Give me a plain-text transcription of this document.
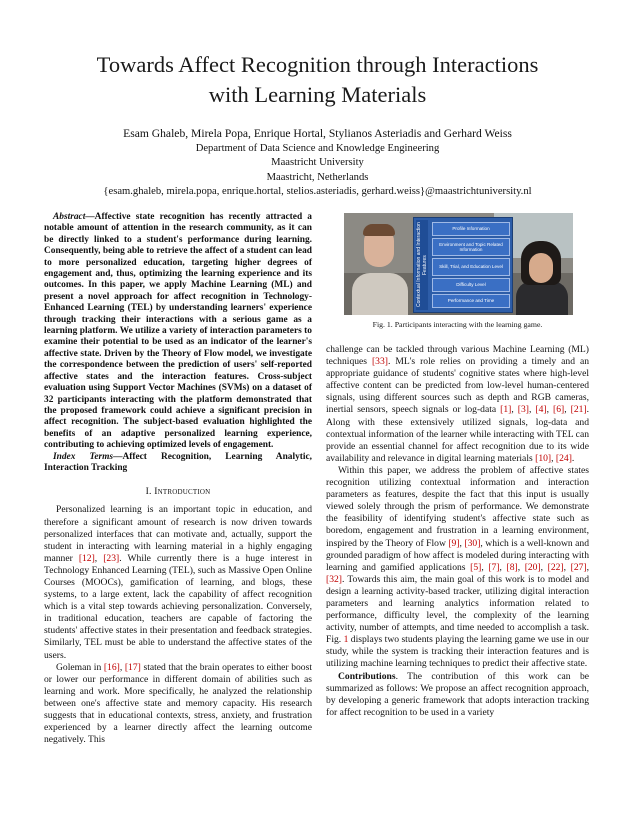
Towards Affect Recognition through Interactions
with Learning Materials
Esam Ghaleb, Mirela Popa, Enrique Hortal, Stylianos Asteriadis and Gerhard Weiss
Department of Data Science and Knowledge Engineering
Maastricht University
Maastricht, Netherlands
{esam.ghaleb, mirela.popa, enrique.hortal, stelios.asteriadis, gerhard.weiss}@maastrichtuniversity.nl

Abstract—Affective state recognition has recently attracted a notable amount of attention in the research community, as it can be directly linked to a student's performance during learning. Consequently, being able to retrieve the affect of a student can lead to more personalized education, targeting higher degrees of engagement and, thus, optimizing the learning experience and its outcomes. In this paper, we apply Machine Learning (ML) and present a novel approach for affect recognition in Technology-Enhanced Learning (TEL) by understanding learners' experience through tracking their interactions with a serious game as a learning platform. We utilize a variety of interaction parameters to examine their potential to be used as an indicator of the learner's affective state. Driven by the Theory of Flow model, we investigate the correspondence between the prediction of users' self-reported affective states and the interaction features. Cross-subject evaluation using Support Vector Machines (SVMs) on a dataset of 32 participants interacting with the platform demonstrated that the proposed framework could achieve a significant precision in affect recognition. The subject-based evaluation highlighted the benefits of an adaptive personalized learning experience, contributing to achieving optimized levels of engagement.

Index Terms—Affect Recognition, Learning Analytic, Interaction Tracking

I. Introduction

Personalized learning is an important topic in education, and therefore a significant amount of research is now driven towards personalized interfaces that can motivate and, actually, support the student in interacting with learning material in a highly engaging manner [12], [23]. While currently there is a huge interest in Technology Enhanced Learning (TEL), such as Massive Open Online Courses (MOOCs), gamification of learning, and blogs, these systems, to a large extent, lack the capability of affect recognition which is a vital step towards achieving personalization. Conversely, in traditional education, teachers are capable of factoring the students' affective states in their presentation and feedback strategies. Similarly, TEL must be able to understand the affective states of the users.

Goleman in [16], [17] stated that the brain operates to either boost or lower our performance in different domain of abilities such as learning and work. More specifically, he analyzed the relationship between one's affective state and memory capacity. His research suggests that in educational contexts, stress, anxiety, and frustration experienced by a learner directly affect the learning outcome negatively. This

Contextual Information and Interaction Features
Profile Information
Environment and Topic Related Information
Skill, Trial, and Education Level
Difficulty Level
Performance and Time
Fig. 1. Participants interacting with the learning game.

challenge can be tackled through various Machine Learning (ML) techniques [33]. ML's role relies on providing a timely and an appropriate guidance of students' cognitive states where high-level affective content can be predicted from low-level human-centered signals, using different sources such as depth and RGB cameras, inertial sensors, speech signals or log-data [1], [3], [4], [6], [21]. Along with these extensively utilized signals, log-data and contextual information of the learner while interacting with TEL can provide an essential channel for affect recognition due to its wide availability and relevance in digital learning materials [10], [24].

Within this paper, we address the problem of affective states recognition utilizing contextual information and interaction parameters as features, despite the fact that this input is usually viewed solely through the prism of performance. We demonstrate the feasibility of identifying student's affective state such as boredom, engagement and frustration in a learning environment, inspired by the Theory of Flow [9], [30], which is a well-known and grounded paradigm of how affect is modeled during interacting with learning and gamified applications [5], [7], [8], [20], [22], [27], [32]. Towards this aim, the main goal of this work is to model and design a learning activity-based tracker, utilizing digital interaction parameters and learning analytics information related to performance, difficulty level, the complexity of the learning activity, number of attempts, and time needed to accomplish a task. Fig. 1 displays two students playing the learning game we use in our study, while the system is tracking their interaction features and is utilizing machine learning techniques to predict their affective state.

Contributions. The contribution of this work can be summarized as follows: We propose an affect recognition approach, by developing a generic framework that adopts interaction tracking for affect recognition to be used in a variety
